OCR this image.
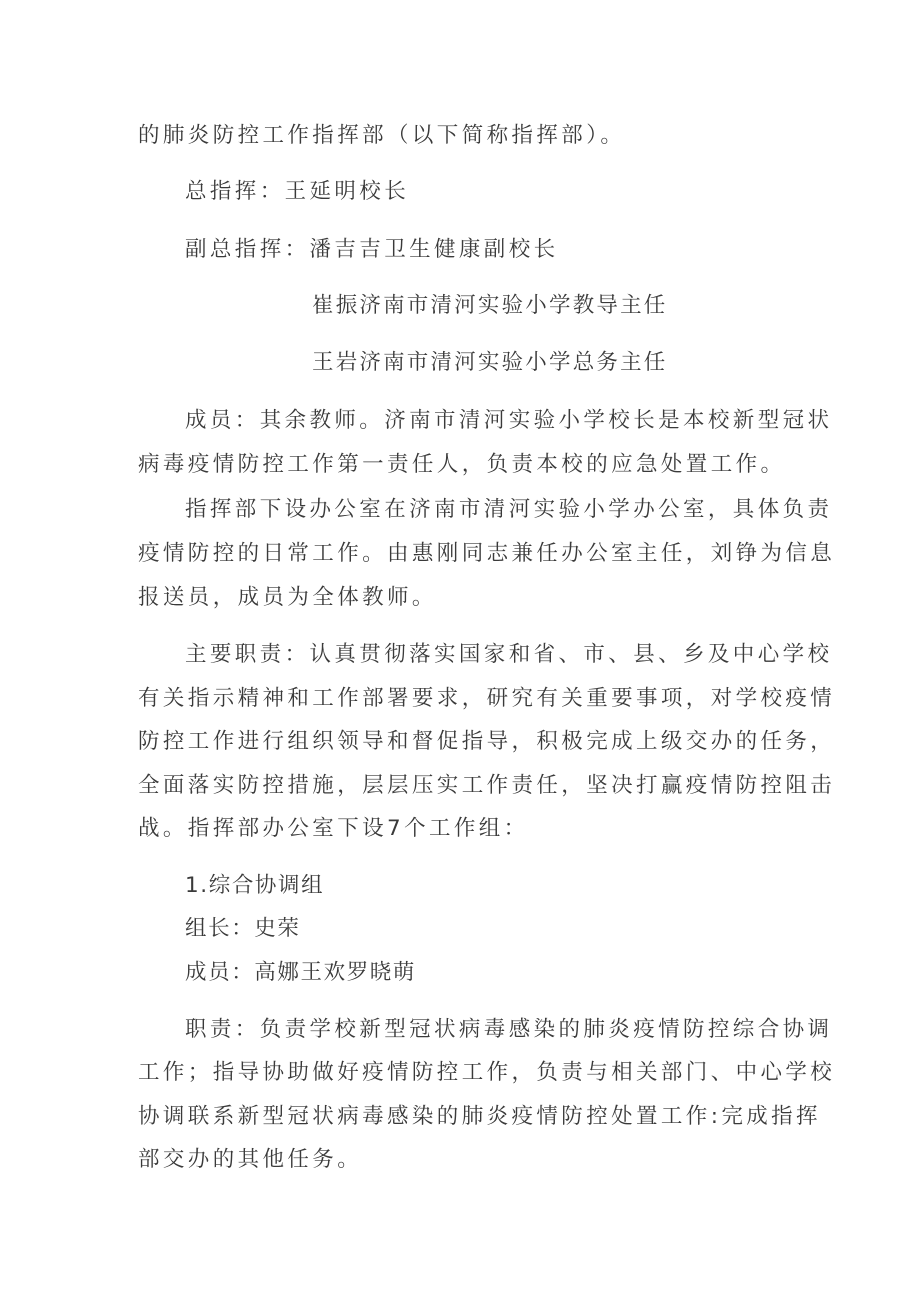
的肺炎防控工作指挥部（以下简称指挥部）。
总指挥：王延明校长
副总指挥：潘吉吉卫生健康副校长
崔振济南市清河实验小学教导主任
王岩济南市清河实验小学总务主任
成员：其余教师。济南市清河实验小学校长是本校新型冠状
病毒疫情防控工作第一责任人，负责本校的应急处置工作。
指挥部下设办公室在济南市清河实验小学办公室，具体负责
疫情防控的日常工作。由惠刚同志兼任办公室主任，刘铮为信息
报送员，成员为全体教师。
主要职责：认真贯彻落实国家和省、市、县、乡及中心学校
有关指示精神和工作部署要求，研究有关重要事项，对学校疫情
防控工作进行组织领导和督促指导，积极完成上级交办的任务，
全面落实防控措施，层层压实工作责任，坚决打赢疫情防控阻击
战。指挥部办公室下设7个工作组：
1.综合协调组
组长：史荣
成员：高娜王欢罗晓萌
职责：负责学校新型冠状病毒感染的肺炎疫情防控综合协调
工作；指导协助做好疫情防控工作，负责与相关部门、中心学校
协调联系新型冠状病毒感染的肺炎疫情防控处置工作:完成指挥
部交办的其他任务。
